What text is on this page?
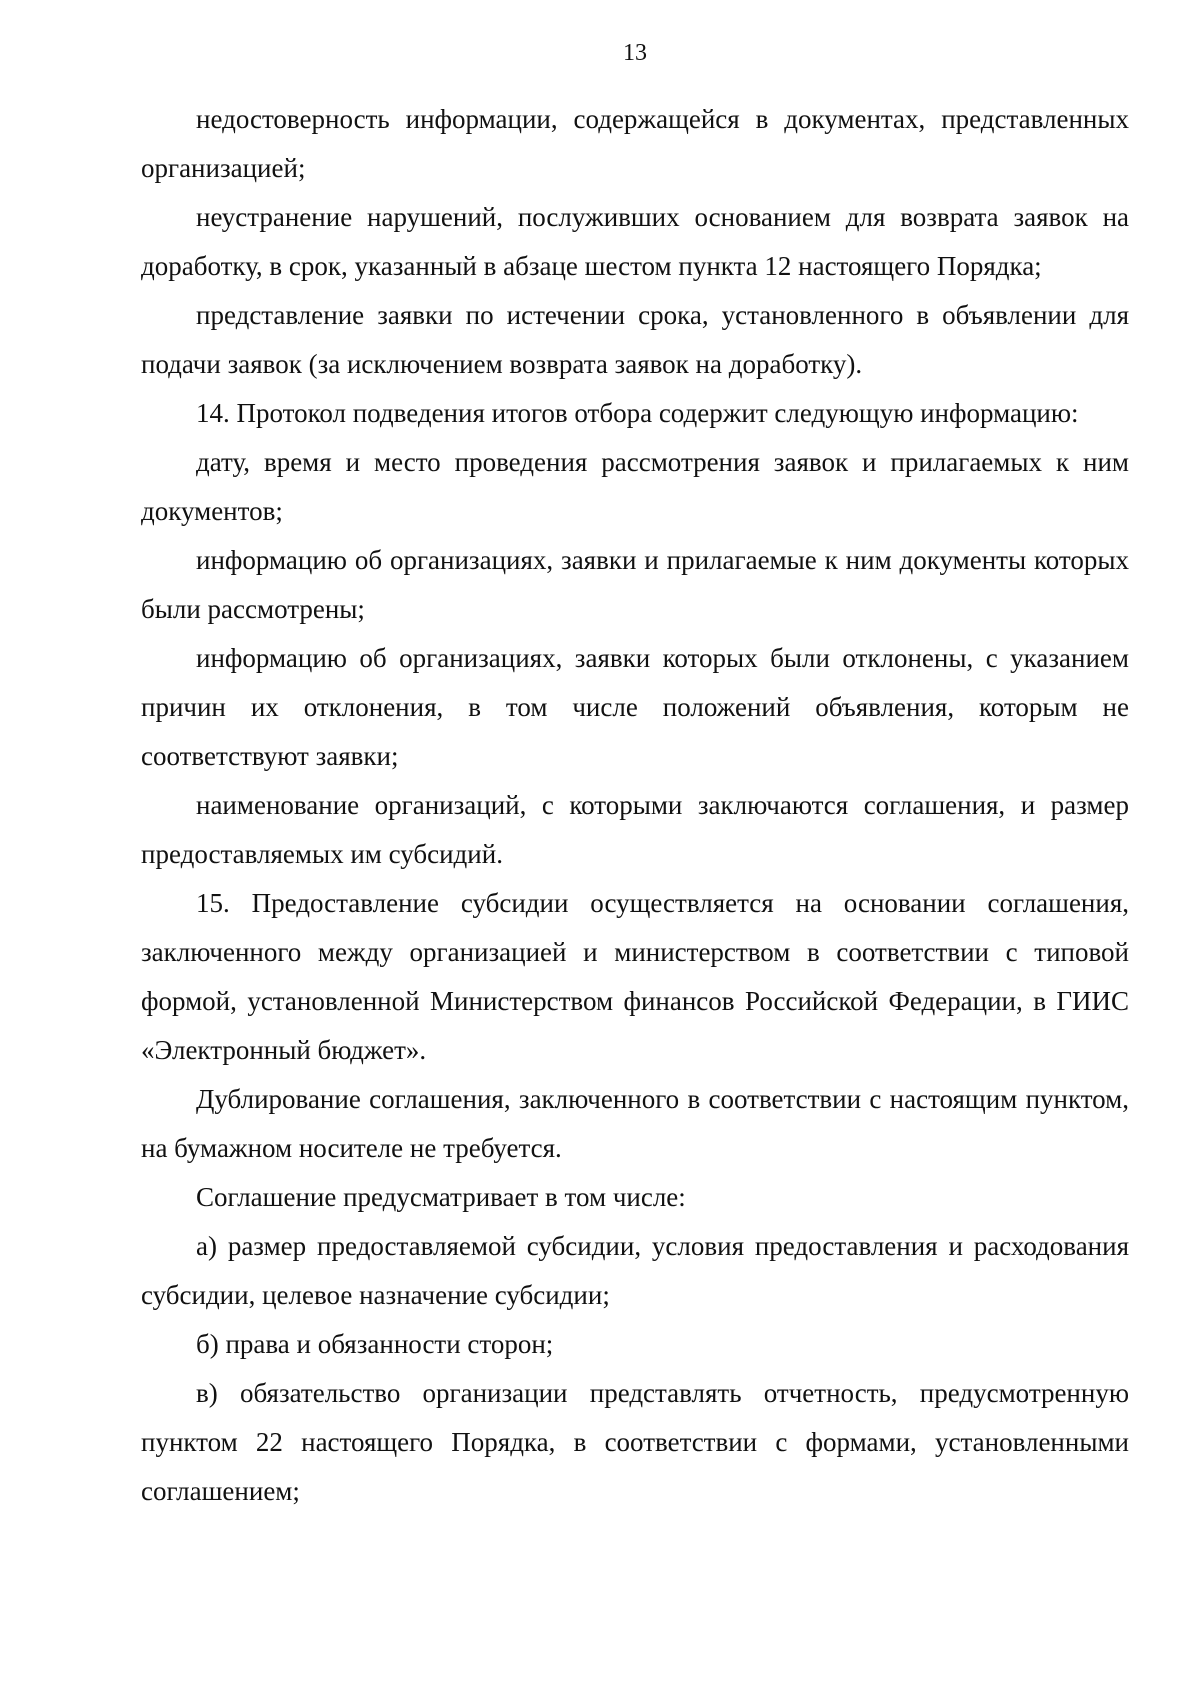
13

недостоверность информации, содержащейся в документах, представленных организацией;

неустранение нарушений, послуживших основанием для возврата заявок на доработку, в срок, указанный в абзаце шестом пункта 12 настоящего Порядка;

представление заявки по истечении срока, установленного в объявлении для подачи заявок (за исключением возврата заявок на доработку).

14. Протокол подведения итогов отбора содержит следующую информацию:

дату, время и место проведения рассмотрения заявок и прилагаемых к ним документов;

информацию об организациях, заявки и прилагаемые к ним документы которых были рассмотрены;

информацию об организациях, заявки которых были отклонены, с указанием причин их отклонения, в том числе положений объявления, которым не соответствуют заявки;

наименование организаций, с которыми заключаются соглашения, и размер предоставляемых им субсидий.

15. Предоставление субсидии осуществляется на основании соглашения, заключенного между организацией и министерством в соответствии с типовой формой, установленной Министерством финансов Российской Федерации, в ГИИС «Электронный бюджет».

Дублирование соглашения, заключенного в соответствии с настоящим пунктом, на бумажном носителе не требуется.

Соглашение предусматривает в том числе:

а) размер предоставляемой субсидии, условия предоставления и расходования субсидии, целевое назначение субсидии;

б) права и обязанности сторон;

в) обязательство организации представлять отчетность, предусмотренную пунктом 22 настоящего Порядка, в соответствии с формами, установленными соглашением;
